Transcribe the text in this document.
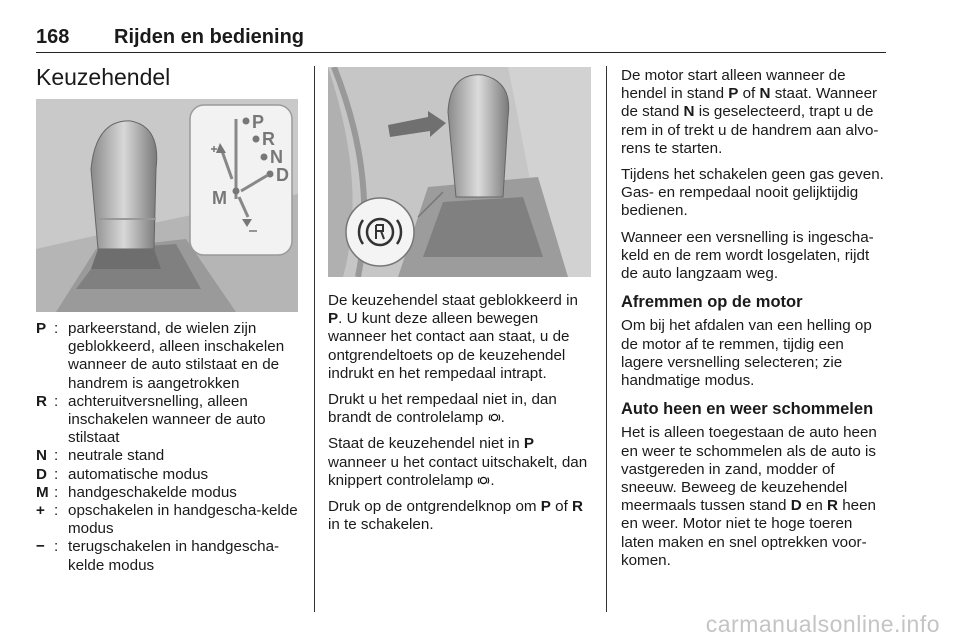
168 Rijden en bediening
Keuzehendel
P
R
N
D
M
P : parkeerstand, de wielen zijn geblokkeerd, alleen inschakelen wanneer de auto stilstaat en de handrem is aangetrokken
R : achteruitversnelling, alleen inschakelen wanneer de auto stilstaat
N : neutrale stand
D : automatische modus
M : handgeschakelde modus
+ : opschakelen in handgescha-kelde modus
− : terugschakelen in handgescha-kelde modus

De keuzehendel staat geblokkeerd in P. U kunt deze alleen bewegen wanneer het contact aan staat, u de ontgrendeltoets op de keuzehendel indrukt en het rempedaal intrapt.

Drukt u het rempedaal niet in, dan brandt de controlelamp .

Staat de keuzehendel niet in P wanneer u het contact uitschakelt, dan knippert controlelamp .

Druk op de ontgrendelknop om P of R in te schakelen.

De motor start alleen wanneer de hendel in stand P of N staat. Wanneer de stand N is geselecteerd, trapt u de rem in of trekt u de handrem aan alvo-rens te starten.

Tijdens het schakelen geen gas geven. Gas- en rempedaal nooit gelijktijdig bedienen.

Wanneer een versnelling is ingescha-keld en de rem wordt losgelaten, rijdt de auto langzaam weg.

Afremmen op de motor

Om bij het afdalen van een helling op de motor af te remmen, tijdig een lagere versnelling selecteren; zie handmatige modus.

Auto heen en weer schommelen

Het is alleen toegestaan de auto heen en weer te schommelen als de auto is vastgereden in zand, modder of sneeuw. Beweeg de keuzehendel meermaals tussen stand D en R heen en weer. Motor niet te hoge toeren laten maken en snel optrekken voor-komen.

carmanualsonline.info
